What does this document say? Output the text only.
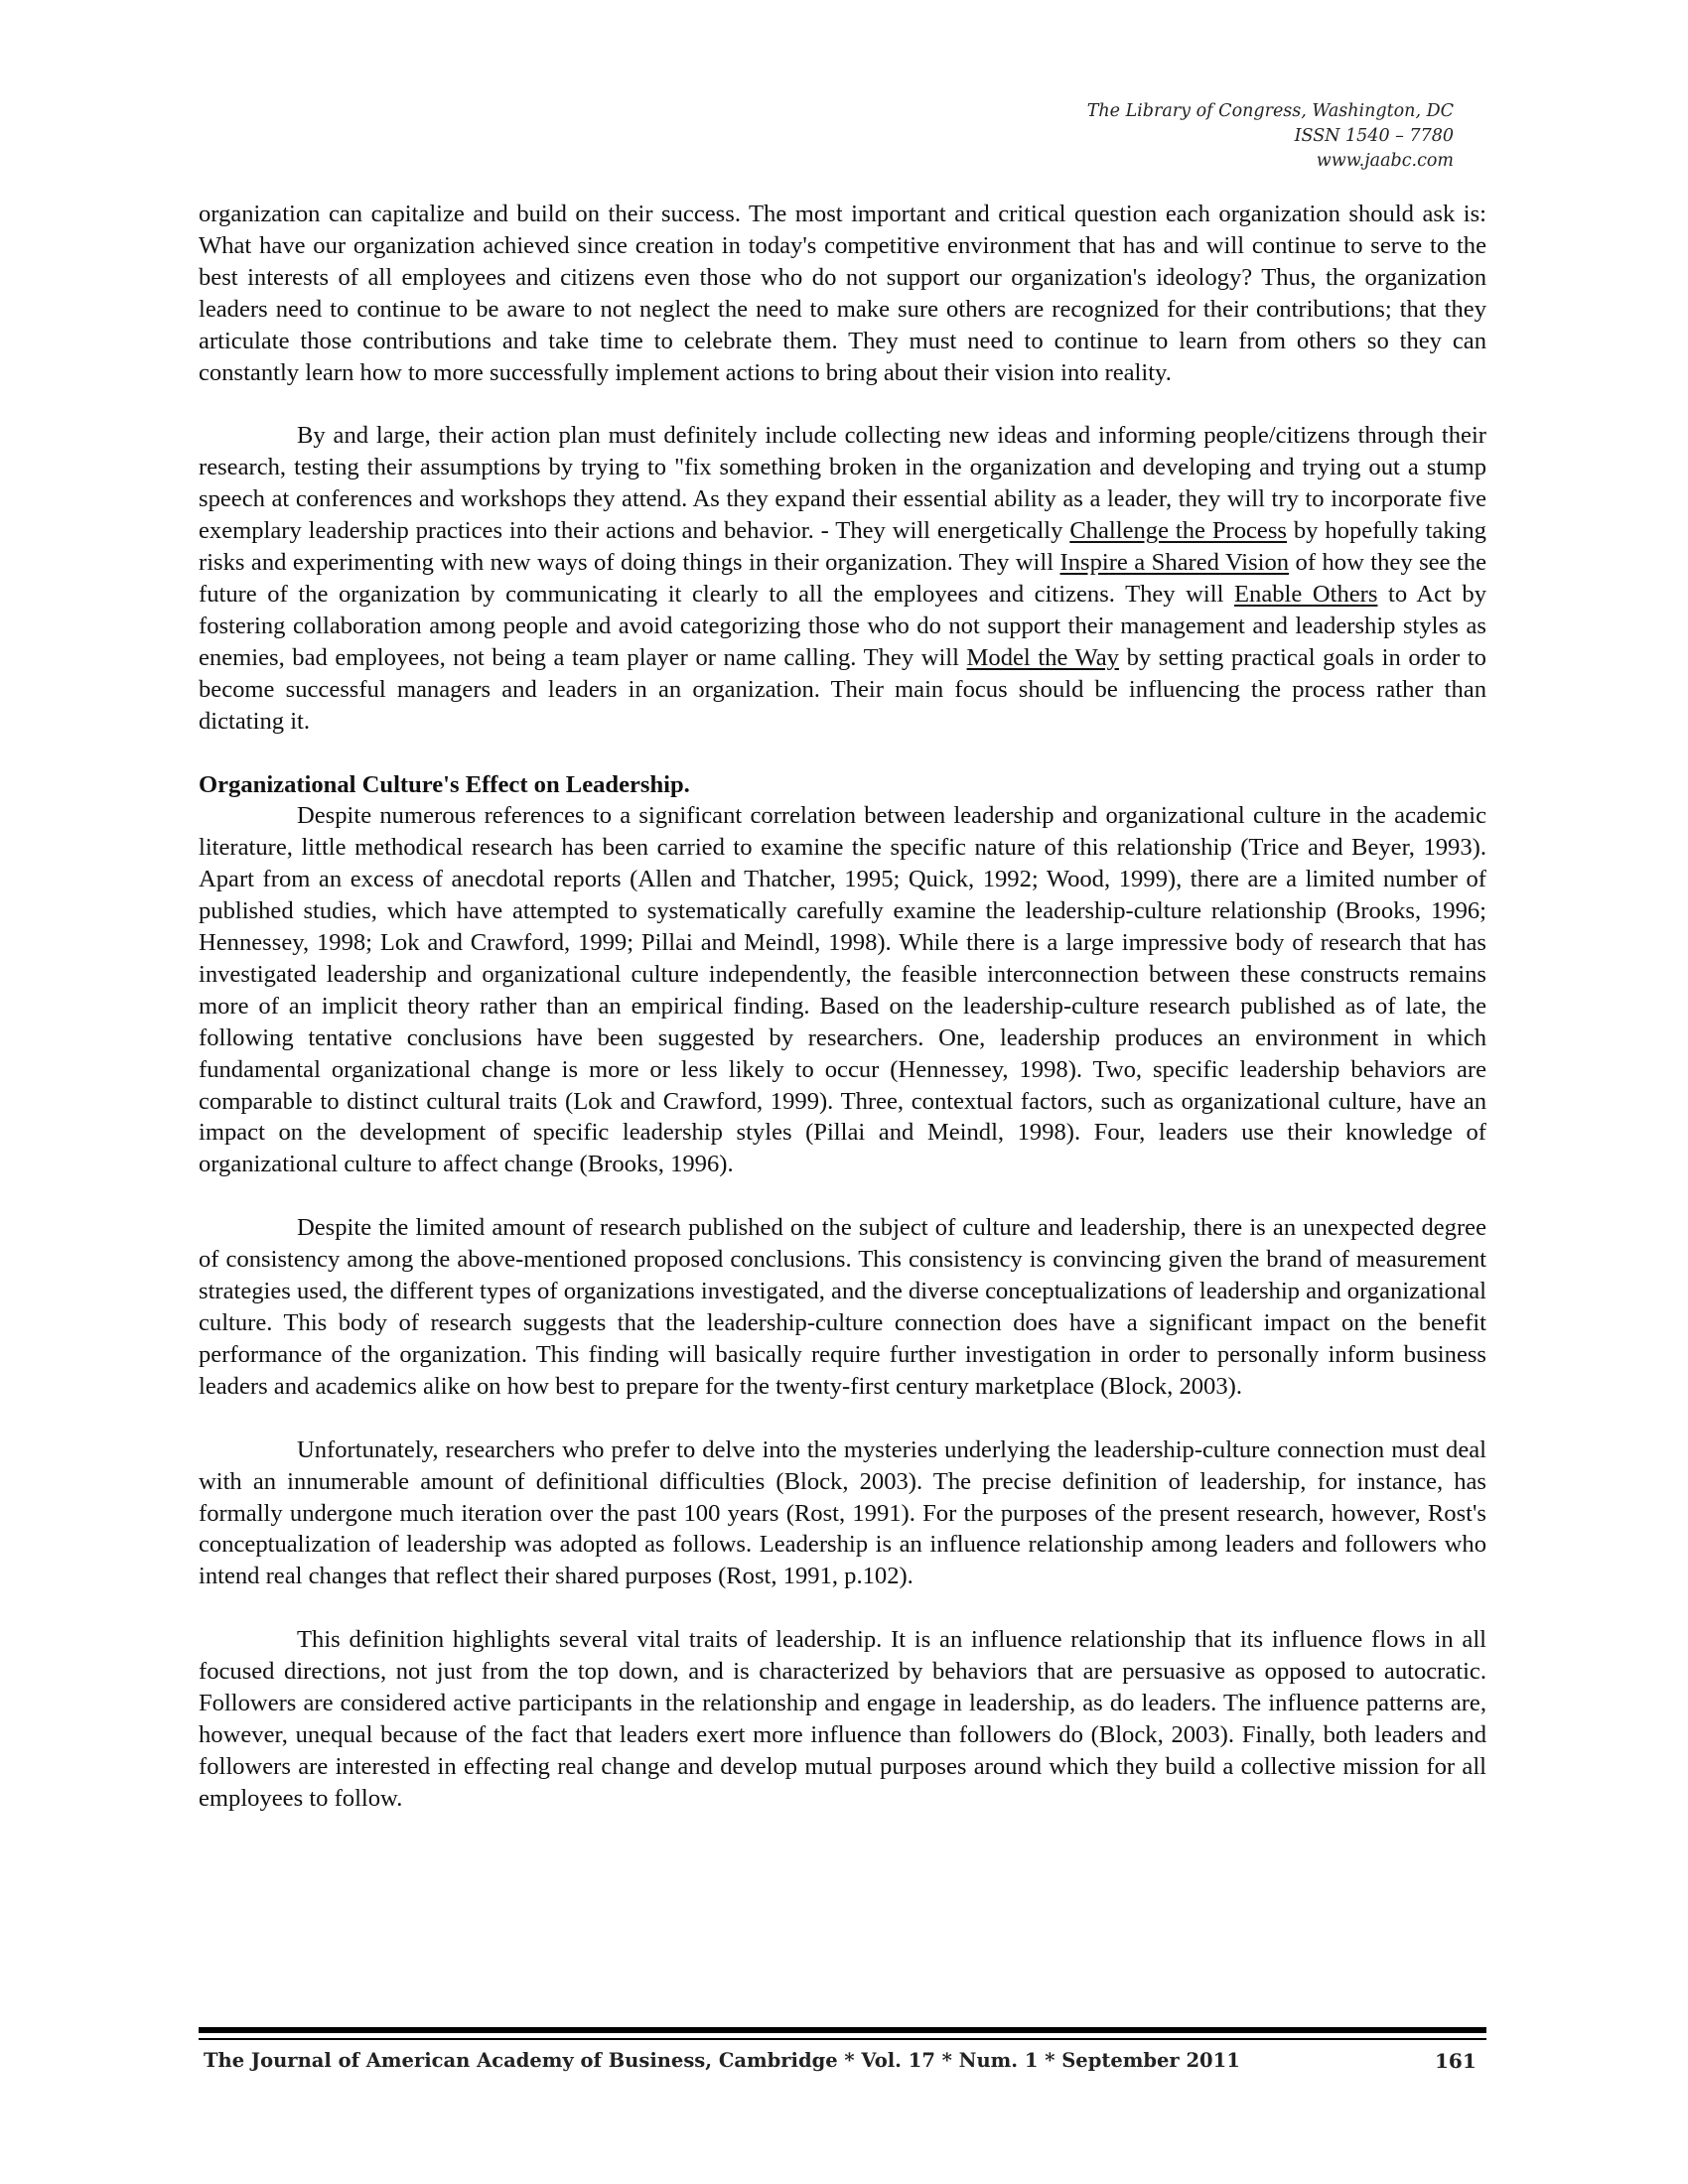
The Library of Congress, Washington, DC
ISSN 1540 – 7780
www.jaabc.com

organization can capitalize and build on their success. The most important and critical question each organization should ask is: What have our organization achieved since creation in today's competitive environment that has and will continue to serve to the best interests of all employees and citizens even those who do not support our organization's ideology? Thus, the organization leaders need to continue to be aware to not neglect the need to make sure others are recognized for their contributions; that they articulate those contributions and take time to celebrate them. They must need to continue to learn from others so they can constantly learn how to more successfully implement actions to bring about their vision into reality.

By and large, their action plan must definitely include collecting new ideas and informing people/citizens through their research, testing their assumptions by trying to "fix something broken in the organization and developing and trying out a stump speech at conferences and workshops they attend. As they expand their essential ability as a leader, they will try to incorporate five exemplary leadership practices into their actions and behavior. - They will energetically Challenge the Process by hopefully taking risks and experimenting with new ways of doing things in their organization. They will Inspire a Shared Vision of how they see the future of the organization by communicating it clearly to all the employees and citizens. They will Enable Others to Act by fostering collaboration among people and avoid categorizing those who do not support their management and leadership styles as enemies, bad employees, not being a team player or name calling. They will Model the Way by setting practical goals in order to become successful managers and leaders in an organization. Their main focus should be influencing the process rather than dictating it.

Organizational Culture's Effect on Leadership.

Despite numerous references to a significant correlation between leadership and organizational culture in the academic literature, little methodical research has been carried to examine the specific nature of this relationship (Trice and Beyer, 1993). Apart from an excess of anecdotal reports (Allen and Thatcher, 1995; Quick, 1992; Wood, 1999), there are a limited number of published studies, which have attempted to systematically carefully examine the leadership-culture relationship (Brooks, 1996; Hennessey, 1998; Lok and Crawford, 1999; Pillai and Meindl, 1998). While there is a large impressive body of research that has investigated leadership and organizational culture independently, the feasible interconnection between these constructs remains more of an implicit theory rather than an empirical finding. Based on the leadership-culture research published as of late, the following tentative conclusions have been suggested by researchers. One, leadership produces an environment in which fundamental organizational change is more or less likely to occur (Hennessey, 1998). Two, specific leadership behaviors are comparable to distinct cultural traits (Lok and Crawford, 1999). Three, contextual factors, such as organizational culture, have an impact on the development of specific leadership styles (Pillai and Meindl, 1998). Four, leaders use their knowledge of organizational culture to affect change (Brooks, 1996).

Despite the limited amount of research published on the subject of culture and leadership, there is an unexpected degree of consistency among the above-mentioned proposed conclusions. This consistency is convincing given the brand of measurement strategies used, the different types of organizations investigated, and the diverse conceptualizations of leadership and organizational culture. This body of research suggests that the leadership-culture connection does have a significant impact on the benefit performance of the organization. This finding will basically require further investigation in order to personally inform business leaders and academics alike on how best to prepare for the twenty-first century marketplace (Block, 2003).

Unfortunately, researchers who prefer to delve into the mysteries underlying the leadership-culture connection must deal with an innumerable amount of definitional difficulties (Block, 2003). The precise definition of leadership, for instance, has formally undergone much iteration over the past 100 years (Rost, 1991). For the purposes of the present research, however, Rost's conceptualization of leadership was adopted as follows. Leadership is an influence relationship among leaders and followers who intend real changes that reflect their shared purposes (Rost, 1991, p.102).

This definition highlights several vital traits of leadership. It is an influence relationship that its influence flows in all focused directions, not just from the top down, and is characterized by behaviors that are persuasive as opposed to autocratic. Followers are considered active participants in the relationship and engage in leadership, as do leaders. The influence patterns are, however, unequal because of the fact that leaders exert more influence than followers do (Block, 2003). Finally, both leaders and followers are interested in effecting real change and develop mutual purposes around which they build a collective mission for all employees to follow.

The Journal of American Academy of Business, Cambridge * Vol. 17 * Num. 1 * September 2011	161
